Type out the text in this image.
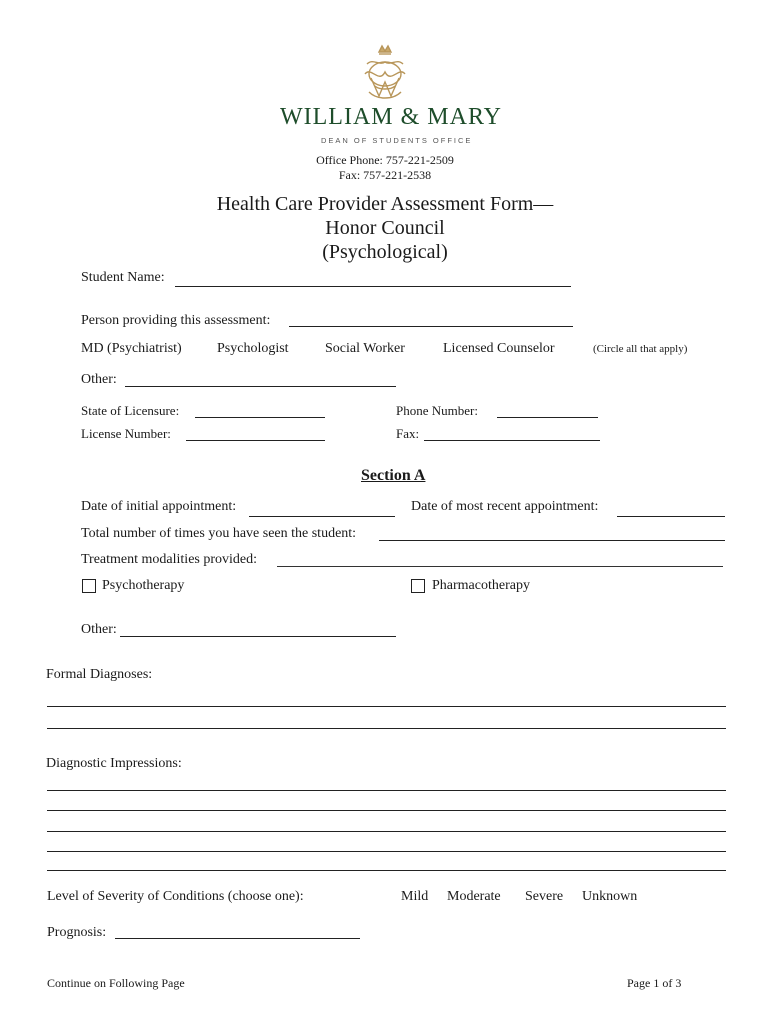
WILLIAM & MARY
DEAN OF STUDENTS OFFICE
Office Phone: 757-221-2509
Fax: 757-221-2538
Health Care Provider Assessment Form—
Honor Council
(Psychological)
Student Name:
Person providing this assessment:
MD (Psychiatrist)	Psychologist	Social Worker	Licensed Counselor	(Circle all that apply)
Other:
State of Licensure:	Phone Number:
License Number:	Fax:
Section A
Date of initial appointment:	Date of most recent appointment:
Total number of times you have seen the student:
Treatment modalities provided:
Psychotherapy	Pharmacotherapy
Other:
Formal Diagnoses:
Diagnostic Impressions:
Level of Severity of Conditions (choose one):	Mild Moderate Severe Unknown
Prognosis:
Continue on Following Page	Page 1 of 3
